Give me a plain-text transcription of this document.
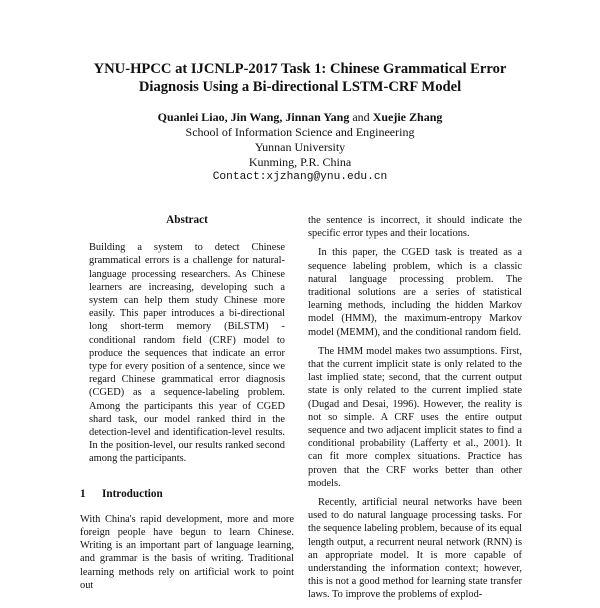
YNU-HPCC at IJCNLP-2017 Task 1: Chinese Grammatical Error
Diagnosis Using a Bi-directional LSTM-CRF Model
Quanlei Liao, Jin Wang, Jinnan Yang and Xuejie Zhang
School of Information Science and Engineering
Yunnan University
Kunming, P.R. China
Contact:xjzhang@ynu.edu.cn
Abstract

Building a system to detect Chinese grammatical errors is a challenge for natural-language processing researchers. As Chinese learners are increasing, developing such a system can help them study Chinese more easily. This paper introduces a bi-directional long short-term memory (BiLSTM) - conditional random field (CRF) model to produce the sequences that indicate an error type for every position of a sentence, since we regard Chinese grammatical error diagnosis (CGED) as a sequence-labeling problem. Among the participants this year of CGED shard task, our model ranked third in the detection-level and identification-level results. In the position-level, our results ranked second among the participants.

1 Introduction

With China's rapid development, more and more foreign people have begun to learn Chinese. Writing is an important part of language learning, and grammar is the basis of writing. Traditional learning methods rely on artificial work to point out

the sentence is incorrect, it should indicate the specific error types and their locations.

In this paper, the CGED task is treated as a sequence labeling problem, which is a classic natural language processing problem. The traditional solutions are a series of statistical learning methods, including the hidden Markov model (HMM), the maximum-entropy Markov model (MEMM), and the conditional random field.

The HMM model makes two assumptions. First, that the current implicit state is only related to the last implied state; second, that the current output state is only related to the current implied state (Dugad and Desai, 1996). However, the reality is not so simple. A CRF uses the entire output sequence and two adjacent implicit states to find a conditional probability (Lafferty et al., 2001). It can fit more complex situations. Practice has proven that the CRF works better than other models.

Recently, artificial neural networks have been used to do natural language processing tasks. For the sequence labeling problem, because of its equal length output, a recurrent neural network (RNN) is an appropriate model. It is more capable of understanding the information context; however, this is not a good method for learning state transfer laws. To improve the problems of explod-
